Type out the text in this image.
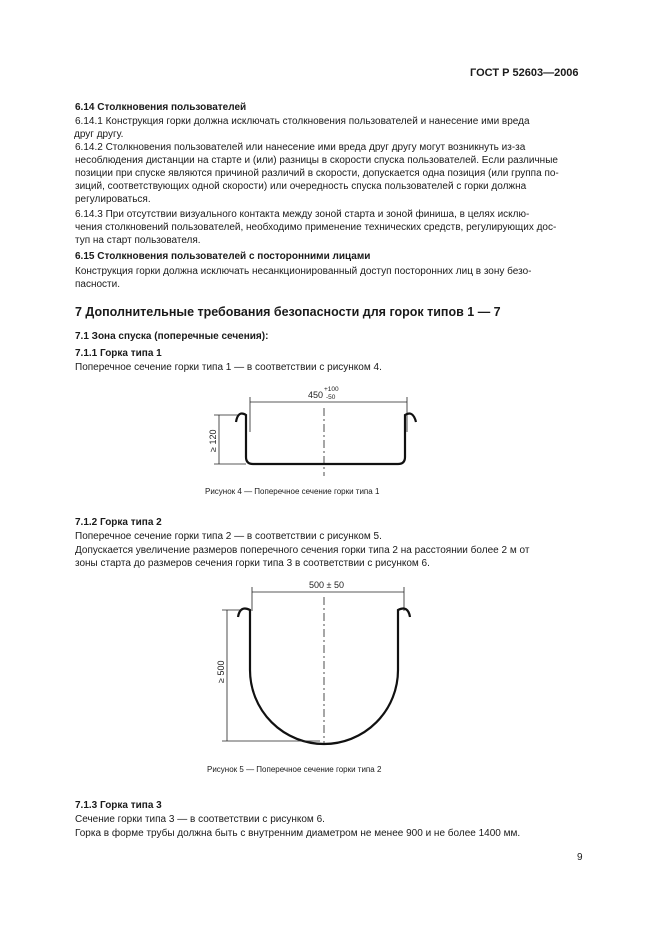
ГОСТ Р 52603—2006
6.14 Столкновения пользователей
6.14.1 Конструкция горки должна исключать столкновения пользователей и нанесение ими вреда
друг другу.
6.14.2 Столкновения пользователей или нанесение ими вреда друг другу могут возникнуть из-за
несоблюдения дистанции на старте и (или) разницы в скорости спуска пользователей. Если различные
позиции при спуске являются причиной различий в скорости, допускается одна позиция (или группа по-
зиций, соответствующих одной скорости) или очередность спуска пользователей с горки должна
регулироваться.
6.14.3 При отсутствии визуального контакта между зоной старта и зоной финиша, в целях исклю-
чения столкновений пользователей, необходимо применение технических средств, регулирующих дос-
туп на старт пользователя.
6.15 Столкновения пользователей с посторонними лицами
Конструкция горки должна исключать несанкционированный доступ посторонних лиц в зону безо-
пасности.
7 Дополнительные требования безопасности для горок типов 1 — 7
7.1 Зона спуска (поперечные сечения):
7.1.1 Горка типа 1
Поперечное сечение горки типа 1 — в соответствии с рисунком 4.
≥ 120
450
+100
-50
Рисунок 4 — Поперечное сечение горки типа 1
7.1.2 Горка типа 2
Поперечное сечение горки типа 2 — в соответствии с рисунком 5.
Допускается увеличение размеров поперечного сечения горки типа 2 на расстоянии более 2 м от
зоны старта до размеров сечения горки типа 3 в соответствии с рисунком 6.
≥ 500
500 ± 50
Рисунок 5 — Поперечное сечение горки типа 2
7.1.3 Горка типа 3
Сечение горки типа 3 — в соответствии с рисунком 6.
Горка в форме трубы должна быть с внутренним диаметром не менее 900 и не более 1400 мм.
9
